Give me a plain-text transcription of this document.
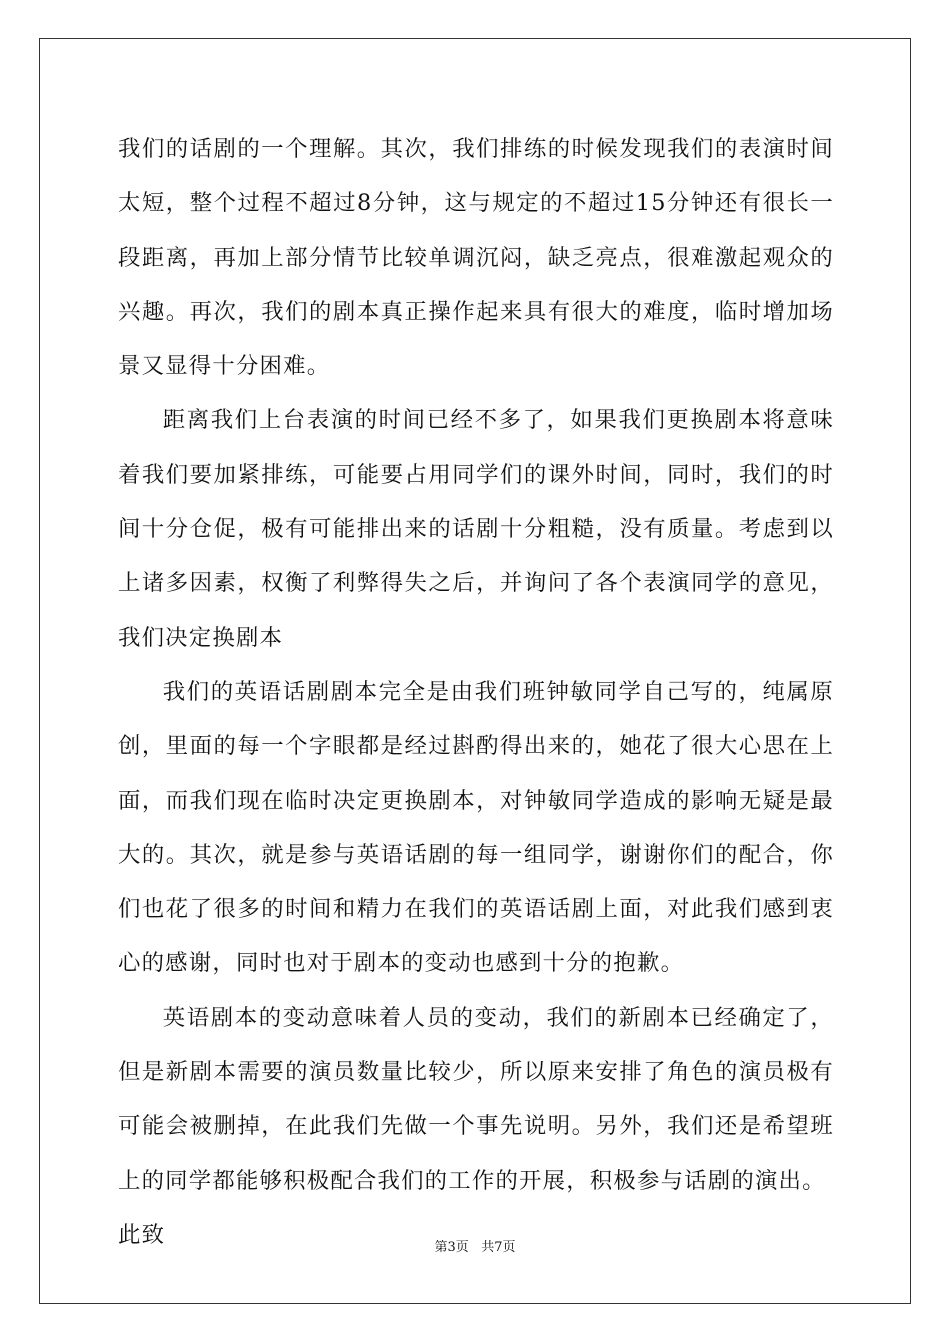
我们的话剧的一个理解。其次，我们排练的时候发现我们的表演时间太短，整个过程不超过8分钟，这与规定的不超过15分钟还有很长一段距离，再加上部分情节比较单调沉闷，缺乏亮点，很难激起观众的兴趣。再次，我们的剧本真正操作起来具有很大的难度，临时增加场景又显得十分困难。

距离我们上台表演的时间已经不多了，如果我们更换剧本将意味着我们要加紧排练，可能要占用同学们的课外时间，同时，我们的时间十分仓促，极有可能排出来的话剧十分粗糙，没有质量。考虑到以上诸多因素，权衡了利弊得失之后，并询问了各个表演同学的意见，我们决定换剧本

我们的英语话剧剧本完全是由我们班钟敏同学自己写的，纯属原创，里面的每一个字眼都是经过斟酌得出来的，她花了很大心思在上面，而我们现在临时决定更换剧本，对钟敏同学造成的影响无疑是最大的。其次，就是参与英语话剧的每一组同学，谢谢你们的配合，你们也花了很多的时间和精力在我们的英语话剧上面，对此我们感到衷心的感谢，同时也对于剧本的变动也感到十分的抱歉。

英语剧本的变动意味着人员的变动，我们的新剧本已经确定了，但是新剧本需要的演员数量比较少，所以原来安排了角色的演员极有可能会被删掉，在此我们先做一个事先说明。另外，我们还是希望班上的同学都能够积极配合我们的工作的开展，积极参与话剧的演出。

此致	第3页 共7页
